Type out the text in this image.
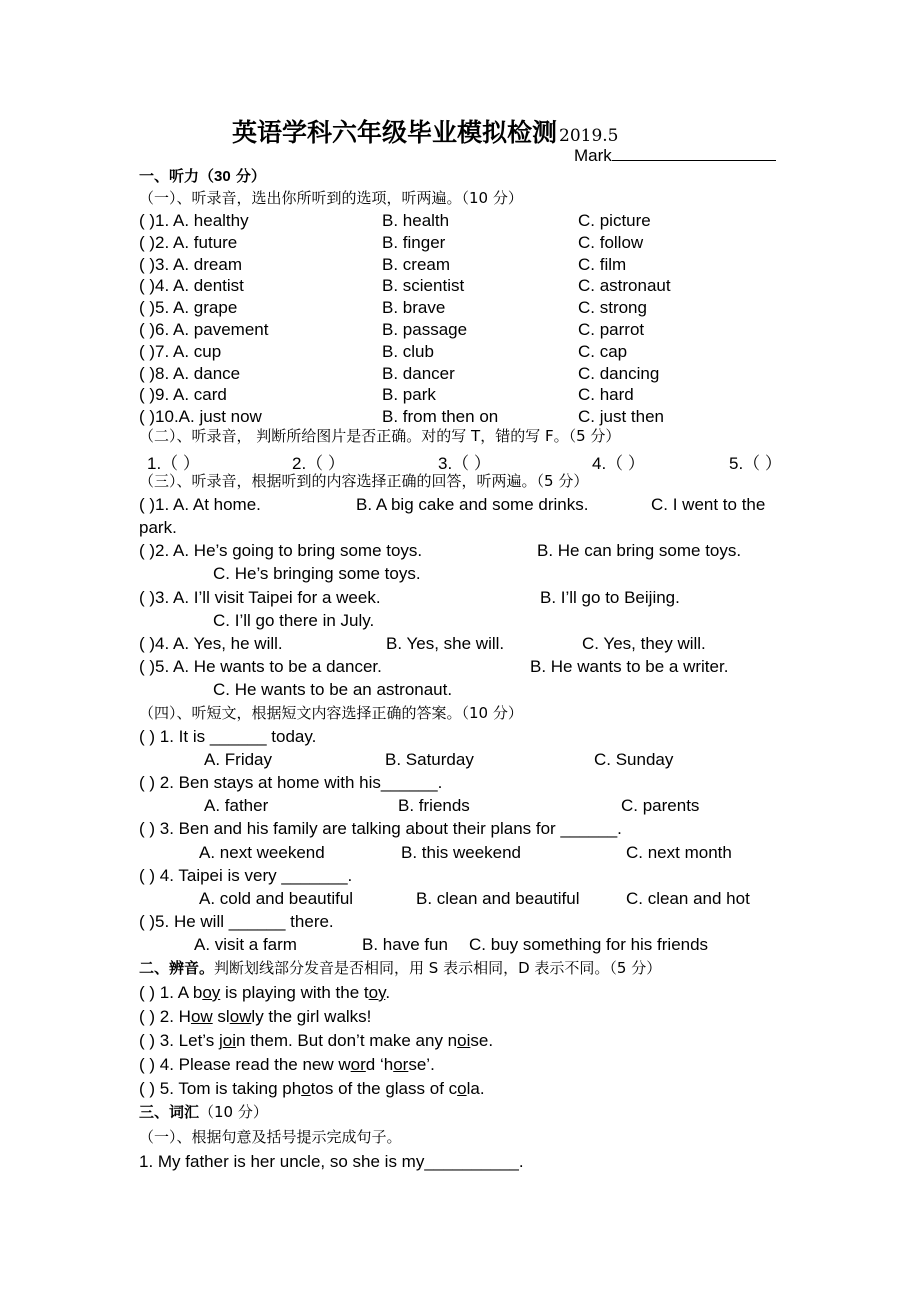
英语学科六年级毕业模拟检测 2019.5
Mark
一、听力（30 分）
（一）、听录音，选出你所听到的选项，听两遍。（10 分）
( )1. A. healthy	B. health	C. picture
( )2. A. future	B. finger	C. follow
( )3. A. dream	B. cream	C. film
( )4. A. dentist	B. scientist	C. astronaut
( )5. A. grape	B. brave	C. strong
( )6. A. pavement	B. passage	C. parrot
( )7. A. cup	B. club	C. cap
( )8. A. dance	B. dancer	C. dancing
( )9. A. card	B. park	C. hard
( )10.A. just now	B. from then on	C. just then
（二）、听录音， 判断所给图片是否正确。对的写 T，错的写 F。（5 分）
1.（ ）	2.（ ）	3.（ ）	4.（ ）	5.（ ）
（三）、听录音，根据听到的内容选择正确的回答，听两遍。（5 分）
( )1. A. At home.	B. A big cake and some drinks.	C. I went to the
park.
( )2. A. He’s going to bring some toys.	B. He can bring some toys.
C. He’s bringing some toys.
( )3. A. I’ll visit Taipei for a week.	B. I’ll go to Beijing.
C. I’ll go there in July.
( )4. A. Yes, he will.	B. Yes, she will.	C. Yes, they will.
( )5. A. He wants to be a dancer.	B. He wants to be a writer.
C. He wants to be an astronaut.
（四）、听短文，根据短文内容选择正确的答案。（10 分）
( ) 1. It is ______ today.
A. Friday	B. Saturday	C. Sunday
( ) 2. Ben stays at home with his______.
A. father	B. friends	C. parents
( ) 3. Ben and his family are talking about their plans for ______.
A. next weekend	B. this weekend	C. next month
( ) 4. Taipei is very _______.
A. cold and beautiful	B. clean and beautiful	C. clean and hot
( )5. He will ______ there.
A. visit a farm	B. have fun C. buy something for his friends
二、辨音。判断划线部分发音是否相同，用 S 表示相同，D 表示不同。（5 分）
( ) 1. A boy is playing with the toy.
( ) 2. How slowly the girl walks!
( ) 3. Let’s join them. But don’t make any noise.
( ) 4. Please read the new word ‘horse’.
( ) 5. Tom is taking photos of the glass of cola.
三、词汇（10 分）
（一）、根据句意及括号提示完成句子。
1. My father is her uncle, so she is my__________.
